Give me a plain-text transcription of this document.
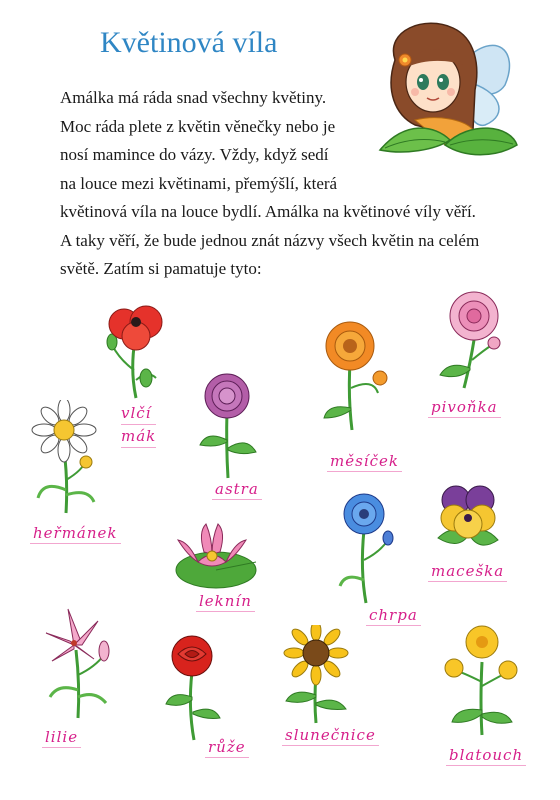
Květinová víla

Amálka má ráda snad všechny květiny.
Moc ráda plete z květin věnečky nebo je
nosí mamince do vázy. Vždy, když sedí
na louce mezi květinami, přemýšlí, která
květinová víla na louce bydlí. Amálka na květinové víly věří.
A taky věří, že bude jednou znát názvy všech květin na celém
světě. Zatím si pamatuje tyto:

vlčí
mák
astra
měsíček
pivoňka
heřmánek
leknín
chrpa
maceška
lilie
růže
slunečnice
blatouch
